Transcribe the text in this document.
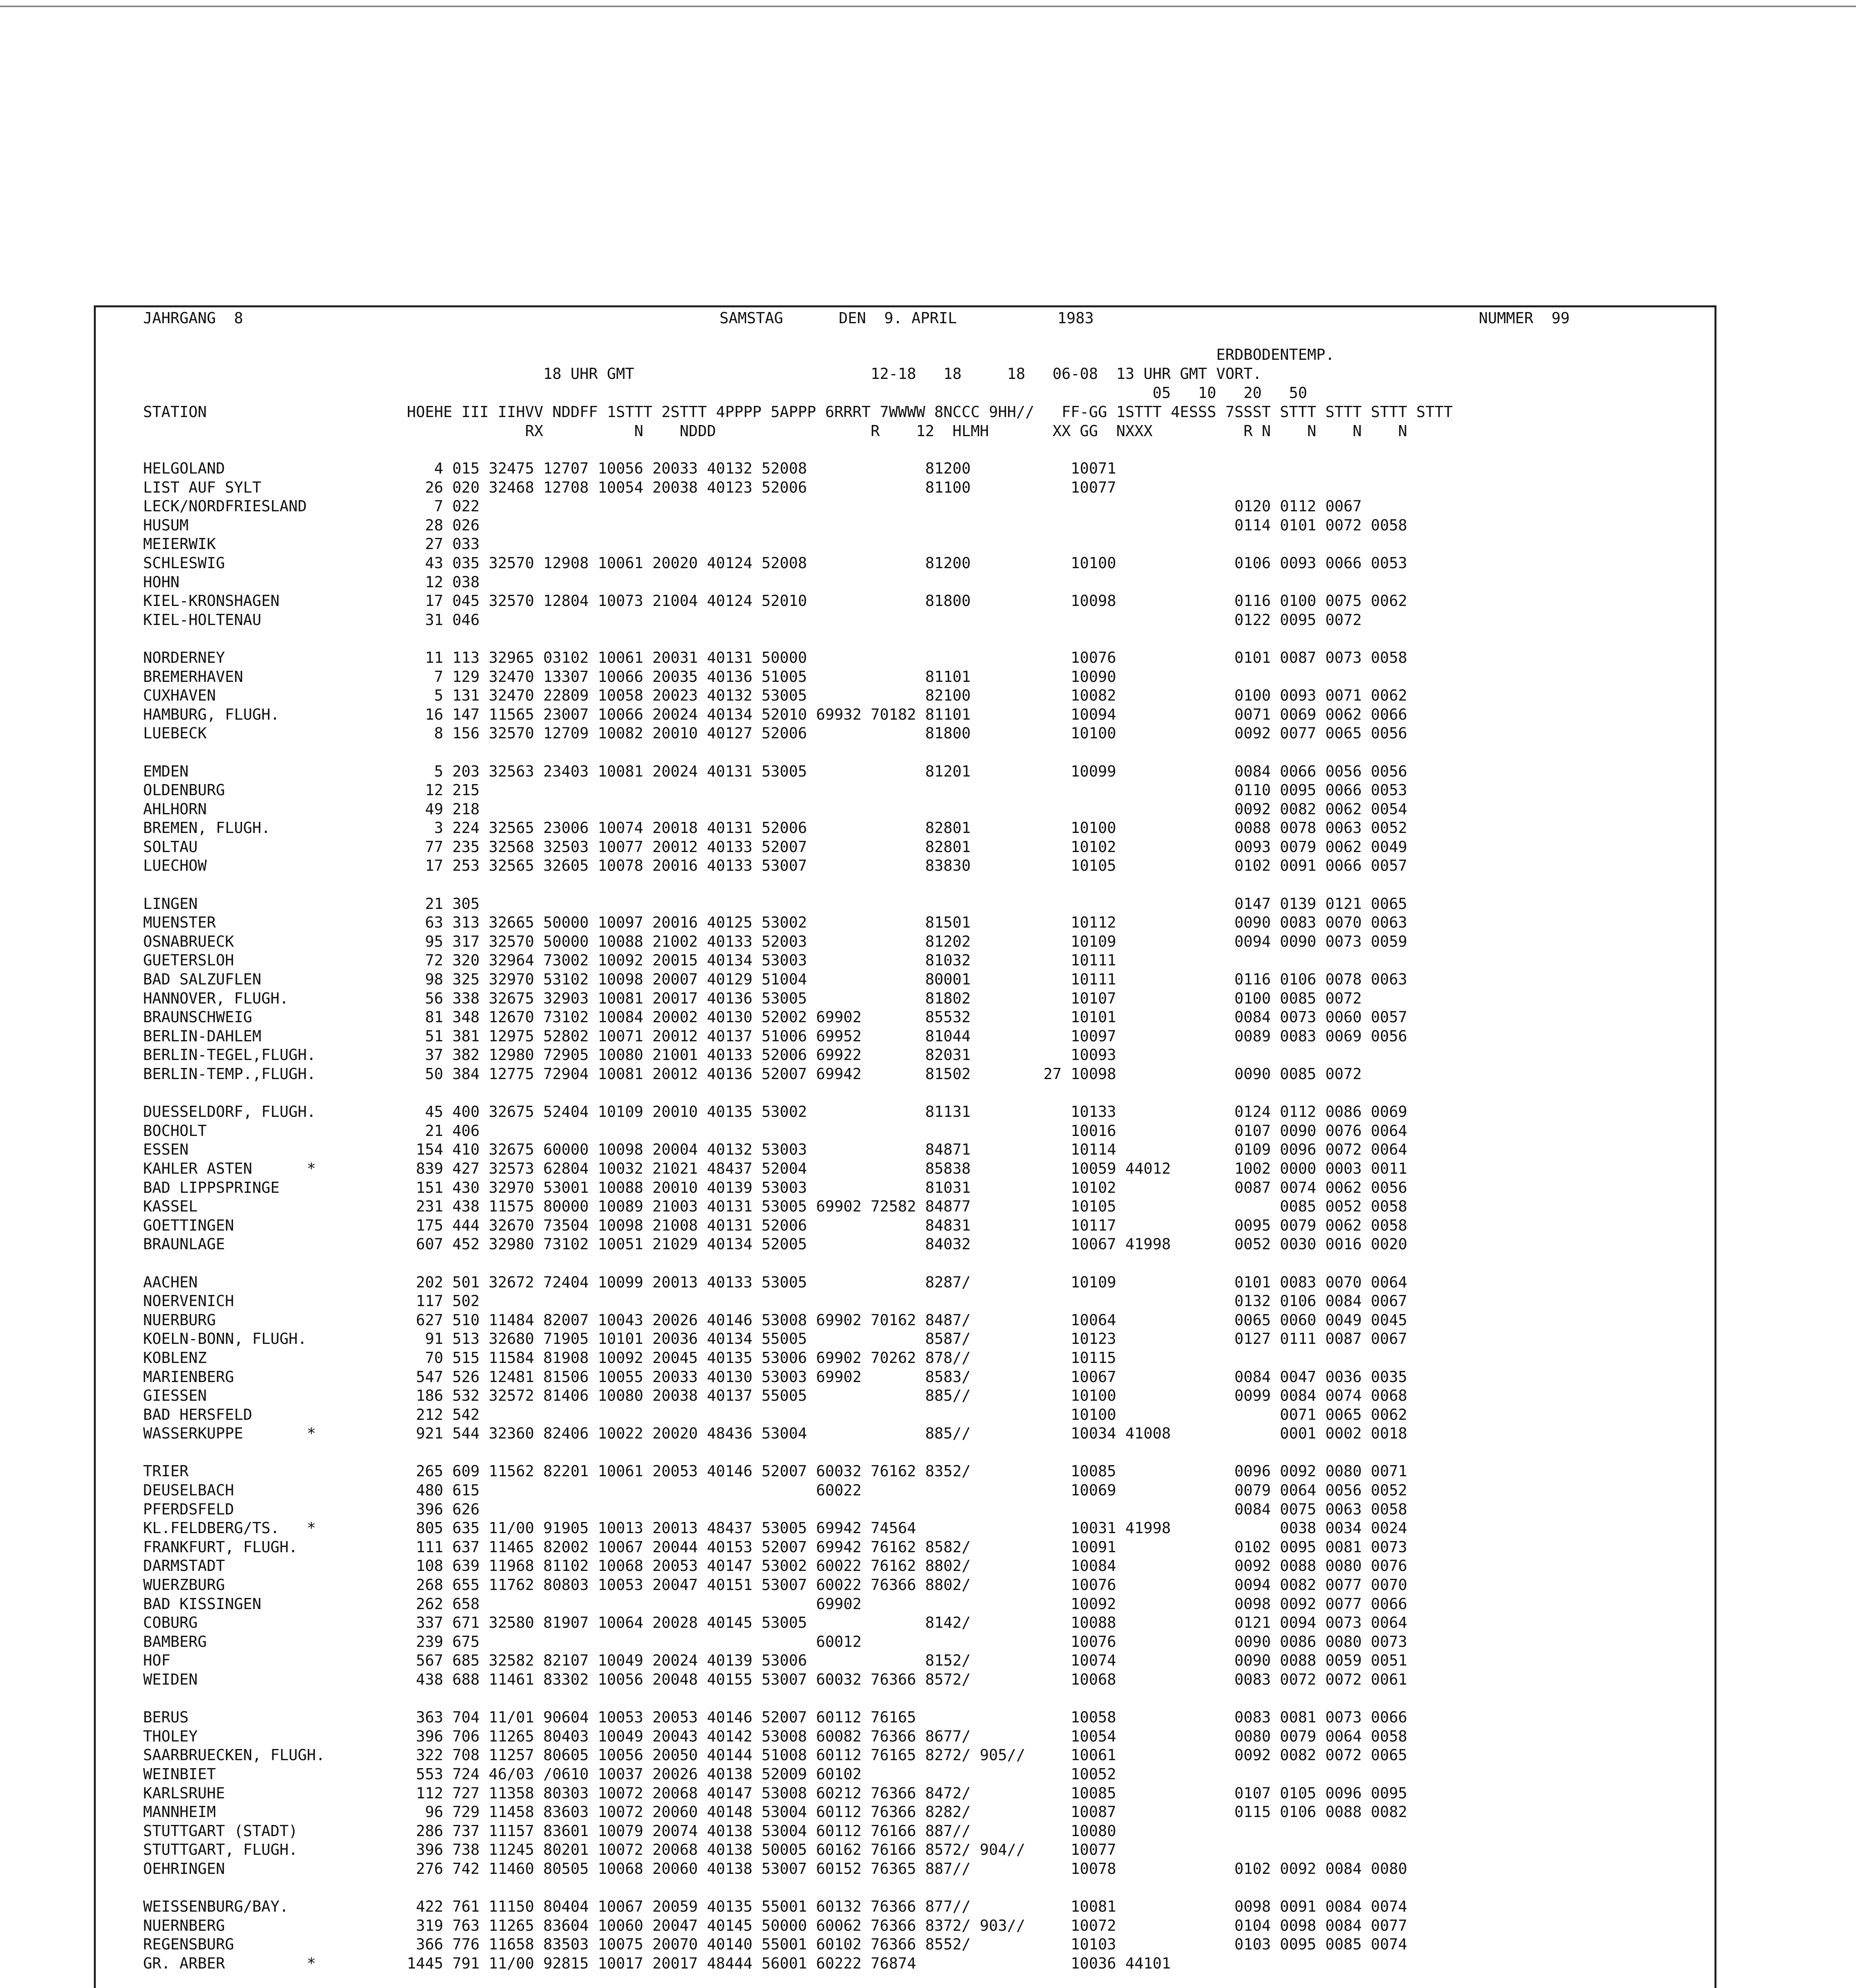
JAHRGANG  8	SAMSTAG	DEN  9. APRIL	1983	NUMMER  99
ERDBODENTEMP.
18 UHR GMT                          12-18   18     18   06-08  13 UHR GMT VORT.
05   10   20   50
STATION                      HOEHE III IIHVV NDDFF 1STTT 2STTT 4PPPP 5APPP 6RRRT 7WWWW 8NCCC 9HH//   FF-GG 1STTT 4ESSS 7SSST STTT STTT STTT STTT
RX          N    NDDD                 R    12  HLMH       XX GG  NXXX          R N    N    N    N
HELGOLAND                       4 015 32475 12707 10056 20033 40132 52008             81200           10071
LIST AUF SYLT                  26 020 32468 12708 10054 20038 40123 52006             81100           10077
LECK/NORDFRIESLAND              7 022                                                                                   0120 0112 0067
HUSUM                          28 026                                                                                   0114 0101 0072 0058
MEIERWIK                       27 033
SCHLESWIG                      43 035 32570 12908 10061 20020 40124 52008             81200           10100             0106 0093 0066 0053
HOHN                           12 038
KIEL-KRONSHAGEN                17 045 32570 12804 10073 21004 40124 52010             81800           10098             0116 0100 0075 0062
KIEL-HOLTENAU                  31 046                                                                                   0122 0095 0072
NORDERNEY                      11 113 32965 03102 10061 20031 40131 50000                             10076             0101 0087 0073 0058
BREMERHAVEN                     7 129 32470 13307 10066 20035 40136 51005             81101           10090
CUXHAVEN                        5 131 32470 22809 10058 20023 40132 53005             82100           10082             0100 0093 0071 0062
HAMBURG, FLUGH.                16 147 11565 23007 10066 20024 40134 52010 69932 70182 81101           10094             0071 0069 0062 0066
LUEBECK                         8 156 32570 12709 10082 20010 40127 52006             81800           10100             0092 0077 0065 0056
EMDEN                           5 203 32563 23403 10081 20024 40131 53005             81201           10099             0084 0066 0056 0056
OLDENBURG                      12 215                                                                                   0110 0095 0066 0053
AHLHORN                        49 218                                                                                   0092 0082 0062 0054
BREMEN, FLUGH.                  3 224 32565 23006 10074 20018 40131 52006             82801           10100             0088 0078 0063 0052
SOLTAU                         77 235 32568 32503 10077 20012 40133 52007             82801           10102             0093 0079 0062 0049
LUECHOW                        17 253 32565 32605 10078 20016 40133 53007             83830           10105             0102 0091 0066 0057
LINGEN                         21 305                                                                                   0147 0139 0121 0065
MUENSTER                       63 313 32665 50000 10097 20016 40125 53002             81501           10112             0090 0083 0070 0063
OSNABRUECK                     95 317 32570 50000 10088 21002 40133 52003             81202           10109             0094 0090 0073 0059
GUETERSLOH                     72 320 32964 73002 10092 20015 40134 53003             81032           10111
BAD SALZUFLEN                  98 325 32970 53102 10098 20007 40129 51004             80001           10111             0116 0106 0078 0063
HANNOVER, FLUGH.               56 338 32675 32903 10081 20017 40136 53005             81802           10107             0100 0085 0072
BRAUNSCHWEIG                   81 348 12670 73102 10084 20002 40130 52002 69902       85532           10101             0084 0073 0060 0057
BERLIN-DAHLEM                  51 381 12975 52802 10071 20012 40137 51006 69952       81044           10097             0089 0083 0069 0056
BERLIN-TEGEL,FLUGH.            37 382 12980 72905 10080 21001 40133 52006 69922       82031           10093
BERLIN-TEMP.,FLUGH.            50 384 12775 72904 10081 20012 40136 52007 69942       81502        27 10098             0090 0085 0072
DUESSELDORF, FLUGH.            45 400 32675 52404 10109 20010 40135 53002             81131           10133             0124 0112 0086 0069
BOCHOLT                        21 406                                                                 10016             0107 0090 0076 0064
ESSEN                         154 410 32675 60000 10098 20004 40132 53003             84871           10114             0109 0096 0072 0064
KAHLER ASTEN      *           839 427 32573 62804 10032 21021 48437 52004             85838           10059 44012       1002 0000 0003 0011
BAD LIPPSPRINGE               151 430 32970 53001 10088 20010 40139 53003             81031           10102             0087 0074 0062 0056
KASSEL                        231 438 11575 80000 10089 21003 40131 53005 69902 72582 84877           10105                  0085 0052 0058
GOETTINGEN                    175 444 32670 73504 10098 21008 40131 52006             84831           10117             0095 0079 0062 0058
BRAUNLAGE                     607 452 32980 73102 10051 21029 40134 52005             84032           10067 41998       0052 0030 0016 0020
AACHEN                        202 501 32672 72404 10099 20013 40133 53005             8287/           10109             0101 0083 0070 0064
NOERVENICH                    117 502                                                                                   0132 0106 0084 0067
NUERBURG                      627 510 11484 82007 10043 20026 40146 53008 69902 70162 8487/           10064             0065 0060 0049 0045
KOELN-BONN, FLUGH.             91 513 32680 71905 10101 20036 40134 55005             8587/           10123             0127 0111 0087 0067
KOBLENZ                        70 515 11584 81908 10092 20045 40135 53006 69902 70262 878//           10115
MARIENBERG                    547 526 12481 81506 10055 20033 40130 53003 69902       8583/           10067             0084 0047 0036 0035
GIESSEN                       186 532 32572 81406 10080 20038 40137 55005             885//           10100             0099 0084 0074 0068
BAD HERSFELD                  212 542                                                                 10100                  0071 0065 0062
WASSERKUPPE       *           921 544 32360 82406 10022 20020 48436 53004             885//           10034 41008            0001 0002 0018
TRIER                         265 609 11562 82201 10061 20053 40146 52007 60032 76162 8352/           10085             0096 0092 0080 0071
DEUSELBACH                    480 615                                     60022                       10069             0079 0064 0056 0052
PFERDSFELD                    396 626                                                                                   0084 0075 0063 0058
KL.FELDBERG/TS.   *           805 635 11/00 91905 10013 20013 48437 53005 69942 74564                 10031 41998            0038 0034 0024
FRANKFURT, FLUGH.             111 637 11465 82002 10067 20044 40153 52007 69942 76162 8582/           10091             0102 0095 0081 0073
DARMSTADT                     108 639 11968 81102 10068 20053 40147 53002 60022 76162 8802/           10084             0092 0088 0080 0076
WUERZBURG                     268 655 11762 80803 10053 20047 40151 53007 60022 76366 8802/           10076             0094 0082 0077 0070
BAD KISSINGEN                 262 658                                     69902                       10092             0098 0092 0077 0066
COBURG                        337 671 32580 81907 10064 20028 40145 53005             8142/           10088             0121 0094 0073 0064
BAMBERG                       239 675                                     60012                       10076             0090 0086 0080 0073
HOF                           567 685 32582 82107 10049 20024 40139 53006             8152/           10074             0090 0088 0059 0051
WEIDEN                        438 688 11461 83302 10056 20048 40155 53007 60032 76366 8572/           10068             0083 0072 0072 0061
BERUS                         363 704 11/01 90604 10053 20053 40146 52007 60112 76165                 10058             0083 0081 0073 0066
THOLEY                        396 706 11265 80403 10049 20043 40142 53008 60082 76366 8677/           10054             0080 0079 0064 0058
SAARBRUECKEN, FLUGH.          322 708 11257 80605 10056 20050 40144 51008 60112 76165 8272/ 905//     10061             0092 0082 0072 0065
WEINBIET                      553 724 46/03 /0610 10037 20026 40138 52009 60102                       10052
KARLSRUHE                     112 727 11358 80303 10072 20068 40147 53008 60212 76366 8472/           10085             0107 0105 0096 0095
MANNHEIM                       96 729 11458 83603 10072 20060 40148 53004 60112 76366 8282/           10087             0115 0106 0088 0082
STUTTGART (STADT)             286 737 11157 83601 10079 20074 40138 53004 60112 76166 887//           10080
STUTTGART, FLUGH.             396 738 11245 80201 10072 20068 40138 50005 60162 76166 8572/ 904//     10077
OEHRINGEN                     276 742 11460 80505 10068 20060 40138 53007 60152 76365 887//           10078             0102 0092 0084 0080
WEISSENBURG/BAY.              422 761 11150 80404 10067 20059 40135 55001 60132 76366 877//           10081             0098 0091 0084 0074
NUERNBERG                     319 763 11265 83604 10060 20047 40145 50000 60062 76366 8372/ 903//     10072             0104 0098 0084 0077
REGENSBURG                    366 776 11658 83503 10075 20070 40140 55001 60102 76366 8552/           10103             0103 0095 0085 0074
GR. ARBER         *          1445 791 11/00 92815 10017 20017 48444 56001 60222 76874                 10036 44101
